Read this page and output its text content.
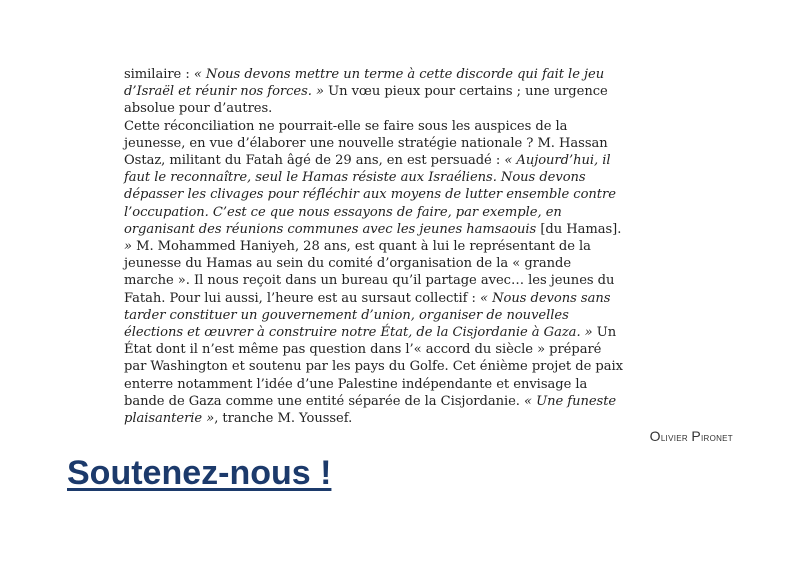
similaire : « Nous devons mettre un terme à cette discorde qui fait le jeu d’Israël et réunir nos forces. » Un vœu pieux pour certains ; une urgence absolue pour d’autres.

Cette réconciliation ne pourrait-elle se faire sous les auspices de la jeunesse, en vue d’élaborer une nouvelle stratégie nationale ? M. Hassan Ostaz, militant du Fatah âgé de 29 ans, en est persuadé : « Aujourd’hui, il faut le reconnaître, seul le Hamas résiste aux Israéliens. Nous devons dépasser les clivages pour réfléchir aux moyens de lutter ensemble contre l’occupation. C’est ce que nous essayons de faire, par exemple, en organisant des réunions communes avec les jeunes hamsaouis [du Hamas]. » M. Mohammed Haniyeh, 28 ans, est quant à lui le représentant de la jeunesse du Hamas au sein du comité d’organisation de la « grande marche ». Il nous reçoit dans un bureau qu’il partage avec… les jeunes du Fatah. Pour lui aussi, l’heure est au sursaut collectif : « Nous devons sans tarder constituer un gouvernement d’union, organiser de nouvelles élections et œuvrer à construire notre État, de la Cisjordanie à Gaza. » Un État dont il n’est même pas question dans l’« accord du siècle » préparé par Washington et soutenu par les pays du Golfe. Cet énième projet de paix enterre notamment l’idée d’une Palestine indépendante et envisage la bande de Gaza comme une entité séparée de la Cisjordanie. « Une funeste plaisanterie », tranche M. Youssef.

Olivier Pironet
Soutenez-nous !
